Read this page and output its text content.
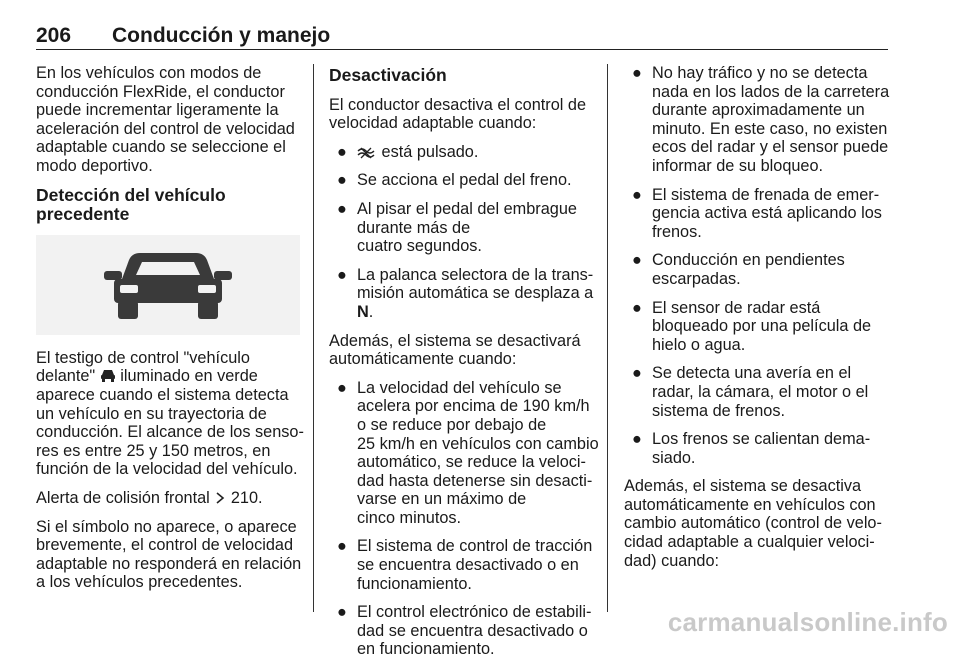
206 Conducción y manejo
En los vehículos con modos de
conducción FlexRide, el conductor
puede incrementar ligeramente la
aceleración del control de velocidad
adaptable cuando se seleccione el
modo deportivo.
Detección del vehículo
precedente
El testigo de control "vehículo
delante" iluminado en verde
aparece cuando el sistema detecta
un vehículo en su trayectoria de
conducción. El alcance de los senso-
res es entre 25 y 150 metros, en
función de la velocidad del vehículo.
Alerta de colisión frontal 210.
Si el símbolo no aparece, o aparece
brevemente, el control de velocidad
adaptable no responderá en relación
a los vehículos precedentes.
Desactivación
El conductor desactiva el control de
velocidad adaptable cuando:
●	está pulsado.
● Se acciona el pedal del freno.
● Al pisar el pedal del embrague
durante más de
cuatro segundos.
● La palanca selectora de la trans-
misión automática se desplaza a
N.
Además, el sistema se desactivará
automáticamente cuando:
● La velocidad del vehículo se
acelera por encima de 190 km/h
o se reduce por debajo de
25 km/h en vehículos con cambio
automático, se reduce la veloci-
dad hasta detenerse sin desacti-
varse en un máximo de
cinco minutos.
● El sistema de control de tracción
se encuentra desactivado o en
funcionamiento.
● El control electrónico de estabili-
dad se encuentra desactivado o
en funcionamiento.
● No hay tráfico y no se detecta
nada en los lados de la carretera
durante aproximadamente un
minuto. En este caso, no existen
ecos del radar y el sensor puede
informar de su bloqueo.
● El sistema de frenada de emer-
gencia activa está aplicando los
frenos.
● Conducción en pendientes
escarpadas.
● El sensor de radar está
bloqueado por una película de
hielo o agua.
● Se detecta una avería en el
radar, la cámara, el motor o el
sistema de frenos.
● Los frenos se calientan dema-
siado.
Además, el sistema se desactiva
automáticamente en vehículos con
cambio automático (control de velo-
cidad adaptable a cualquier veloci-
dad) cuando:
carmanualsonline.info
